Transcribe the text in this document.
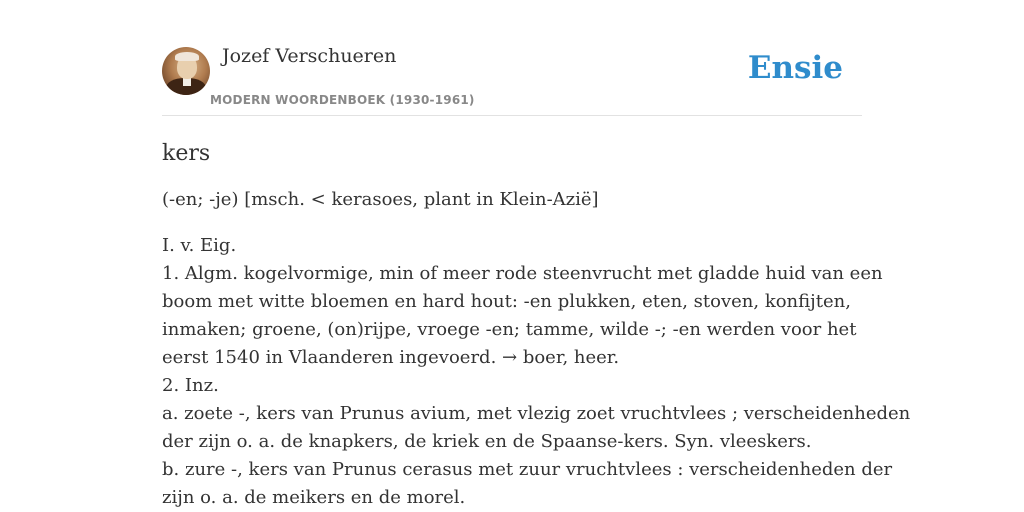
Jozef Verschueren
MODERN WOORDENBOEK (1930-1961)
Ensie
kers

(-en; -je) [msch. < kerasoes, plant in Klein-Azië]

I. v. Eig.
1. Algm. kogelvormige, min of meer rode steenvrucht met gladde huid van een
boom met witte bloemen en hard hout: -en plukken, eten, stoven, konfijten,
inmaken; groene, (on)rijpe, vroege -en; tamme, wilde -; -en werden voor het
eerst 1540 in Vlaanderen ingevoerd. → boer, heer.
2. Inz.
a. zoete -, kers van Prunus avium, met vlezig zoet vruchtvlees ; verscheidenheden
der zijn o. a. de knapkers, de kriek en de Spaanse-kers. Syn. vleeskers.
b. zure -, kers van Prunus cerasus met zuur vruchtvlees : verscheidenheden der
zijn o. a. de meikers en de morel.
